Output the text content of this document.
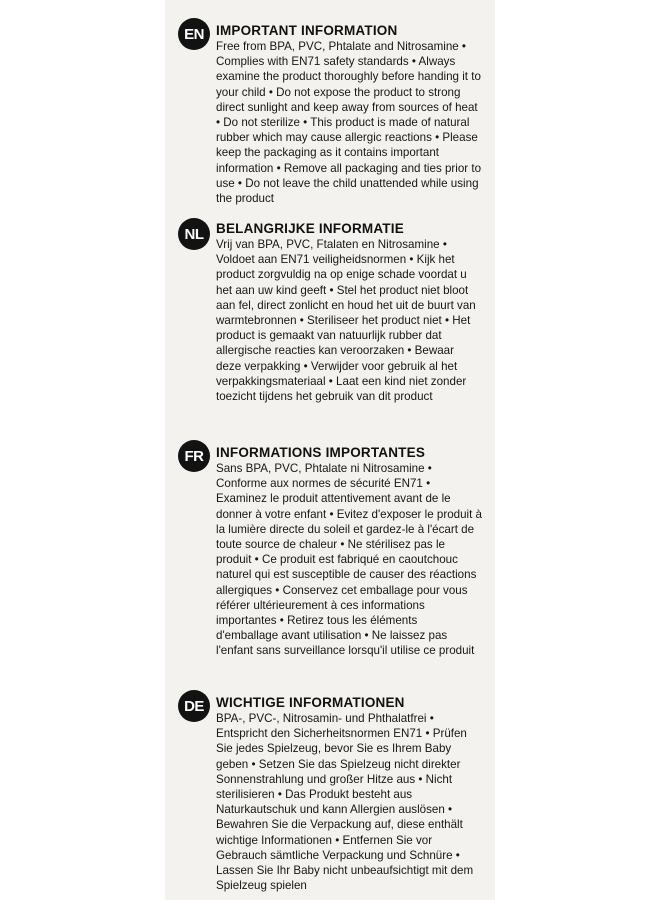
EN IMPORTANT INFORMATION
Free from BPA, PVC, Phtalate and Nitrosamine • Complies with EN71 safety standards • Always examine the product thoroughly before handing it to your child • Do not expose the product to strong direct sunlight and keep away from sources of heat • Do not sterilize • This product is made of natural rubber which may cause allergic reactions • Please keep the packaging as it contains important information • Remove all packaging and ties prior to use • Do not leave the child unattended while using the product
NL BELANGRIJKE INFORMATIE
Vrij van BPA, PVC, Ftalaten en Nitrosamine • Voldoet aan EN71 veiligheidsnormen • Kijk het product zorgvuldig na op enige schade voordat u het aan uw kind geeft • Stel het product niet bloot aan fel, direct zonlicht en houd het uit de buurt van warmtebronnen • Steriliseer het product niet • Het product is gemaakt van natuurlijk rubber dat allergische reacties kan veroorzaken • Bewaar deze verpakking • Verwijder voor gebruik al het verpakkingsmateriaal • Laat een kind niet zonder toezicht tijdens het gebruik van dit product
FR INFORMATIONS IMPORTANTES
Sans BPA, PVC, Phtalate ni Nitrosamine • Conforme aux normes de sécurité EN71 • Examinez le produit attentivement avant de le donner à votre enfant • Evitez d'exposer le produit à la lumière directe du soleil et gardez-le à l'écart de toute source de chaleur • Ne stérilisez pas le produit • Ce produit est fabriqué en caoutchouc naturel qui est susceptible de causer des réactions allergiques • Conservez cet emballage pour vous référer ultérieurement à ces informations importantes • Retirez tous les éléments d'emballage avant utilisation • Ne laissez pas l'enfant sans surveillance lorsqu'il utilise ce produit
DE WICHTIGE INFORMATIONEN
BPA-, PVC-, Nitrosamin- und Phthalatfrei • Entspricht den Sicherheitsnormen EN71 • Prüfen Sie jedes Spielzeug, bevor Sie es Ihrem Baby geben • Setzen Sie das Spielzeug nicht direkter Sonnenstrahlung und großer Hitze aus • Nicht sterilisieren • Das Produkt besteht aus Naturkautschuk und kann Allergien auslösen • Bewahren Sie die Verpackung auf, diese enthält wichtige Informationen • Entfernen Sie vor Gebrauch sämtliche Verpackung und Schnüre • Lassen Sie Ihr Baby nicht unbeaufsichtigt mit dem Spielzeug spielen
